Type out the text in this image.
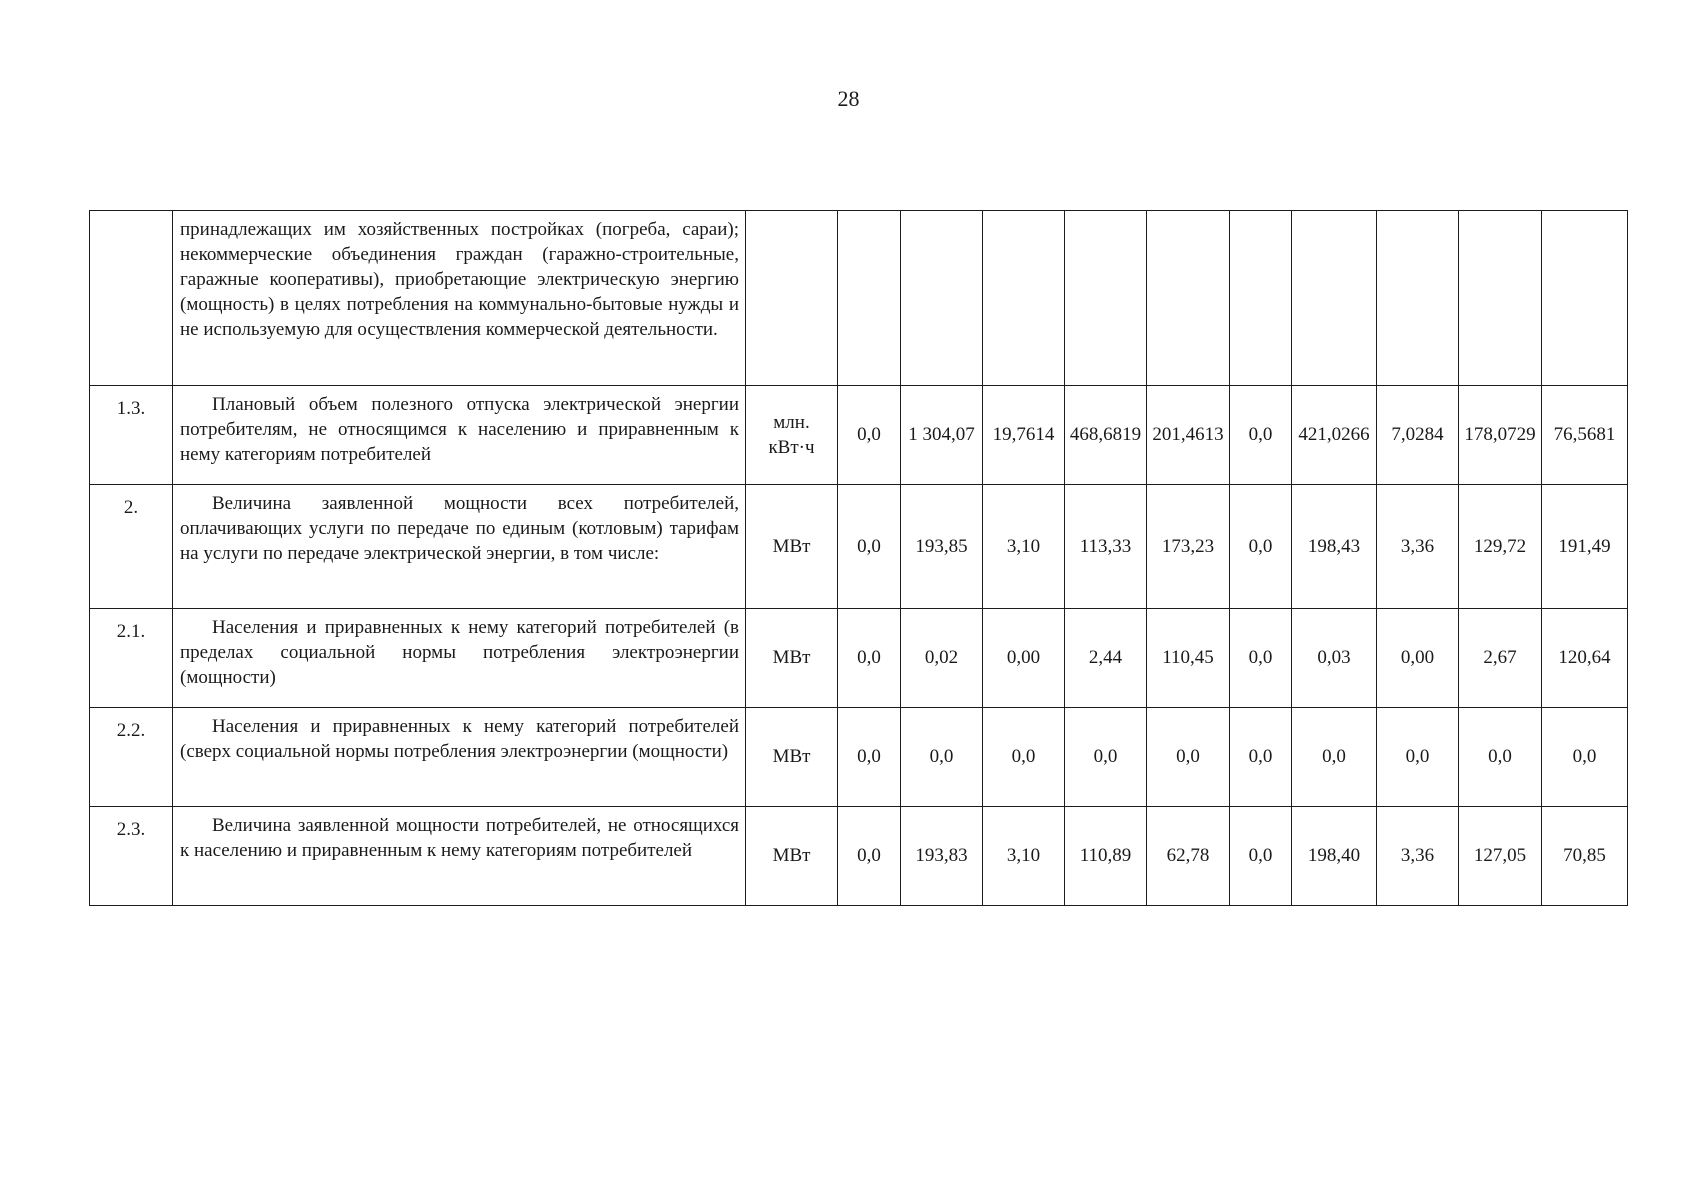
28
	принадлежащих им хозяйственных постройках (погреба, сараи); некоммерческие объединения граждан (гаражно-строительные, гаражные кооперативы), приобретающие электрическую энергию (мощность) в целях потребления на коммунально-бытовые нужды и не используемую для осуществления коммерческой деятельности.											
1.3.	Плановый объем полезного отпуска электрической энергии потребителям, не относящимся к населению и приравненным к нему категориям потребителей	млн. кВт·ч	0,0	1 304,07	19,7614	468,6819	201,4613	0,0	421,0266	7,0284	178,0729	76,5681
2.	Величина заявленной мощности всех потребителей, оплачивающих услуги по передаче по единым (котловым) тарифам на услуги по передаче электрической энергии, в том числе:	МВт	0,0	193,85	3,10	113,33	173,23	0,0	198,43	3,36	129,72	191,49
2.1.	Населения и приравненных к нему категорий потребителей (в пределах социальной нормы потребления электроэнергии (мощности)	МВт	0,0	0,02	0,00	2,44	110,45	0,0	0,03	0,00	2,67	120,64
2.2.	Населения и приравненных к нему категорий потребителей (сверх социальной нормы потребления электроэнергии (мощности)	МВт	0,0	0,0	0,0	0,0	0,0	0,0	0,0	0,0	0,0	0,0
2.3.	Величина заявленной мощности потребителей, не относящихся к населению и приравненным к нему категориям потребителей	МВт	0,0	193,83	3,10	110,89	62,78	0,0	198,40	3,36	127,05	70,85
